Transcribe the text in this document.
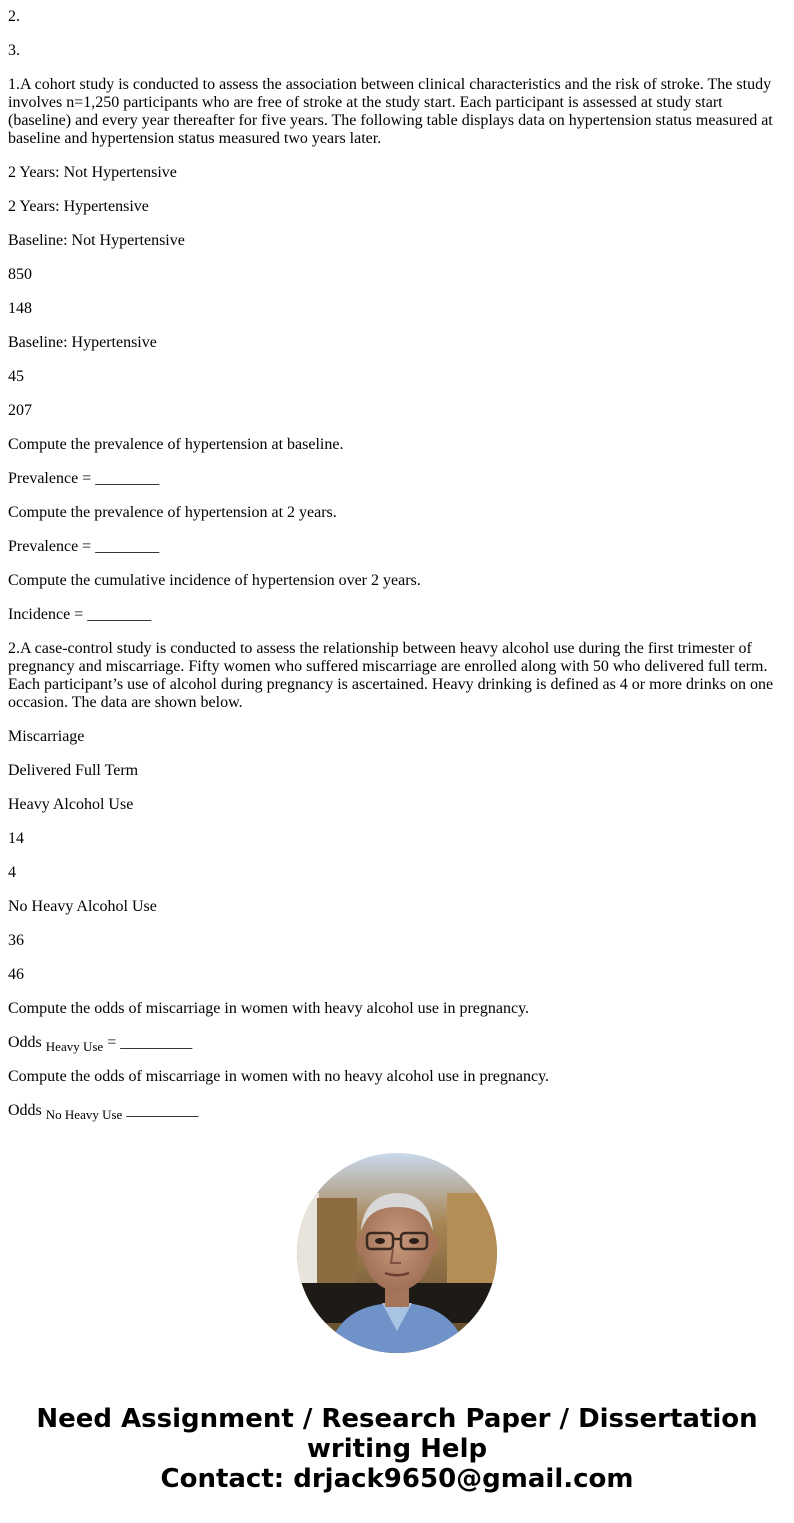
2.

3.

1.A cohort study is conducted to assess the association between clinical characteristics and the risk of stroke. The study involves n=1,250 participants who are free of stroke at the study start. Each participant is assessed at study start (baseline) and every year thereafter for five years. The following table displays data on hypertension status measured at baseline and hypertension status measured two years later.

2 Years: Not Hypertensive

2 Years: Hypertensive

Baseline: Not Hypertensive

850

148

Baseline: Hypertensive

45

207

Compute the prevalence of hypertension at baseline.

Prevalence = ________

Compute the prevalence of hypertension at 2 years.

Prevalence = ________

Compute the cumulative incidence of hypertension over 2 years.

Incidence = ________

2.A case-control study is conducted to assess the relationship between heavy alcohol use during the first trimester of pregnancy and miscarriage. Fifty women who suffered miscarriage are enrolled along with 50 who delivered full term. Each participant’s use of alcohol during pregnancy is ascertained. Heavy drinking is defined as 4 or more drinks on one occasion. The data are shown below.

Miscarriage

Delivered Full Term

Heavy Alcohol Use

14

4

No Heavy Alcohol Use

36

46

Compute the odds of miscarriage in women with heavy alcohol use in pregnancy.

Odds $_{Heavy Use}$ = _________

Compute the odds of miscarriage in women with no heavy alcohol use in pregnancy.

Odds $_{No Heavy Use}$ _________

Need Assignment / Research Paper / Dissertation
writing Help
Contact: drjack9650@gmail.com
